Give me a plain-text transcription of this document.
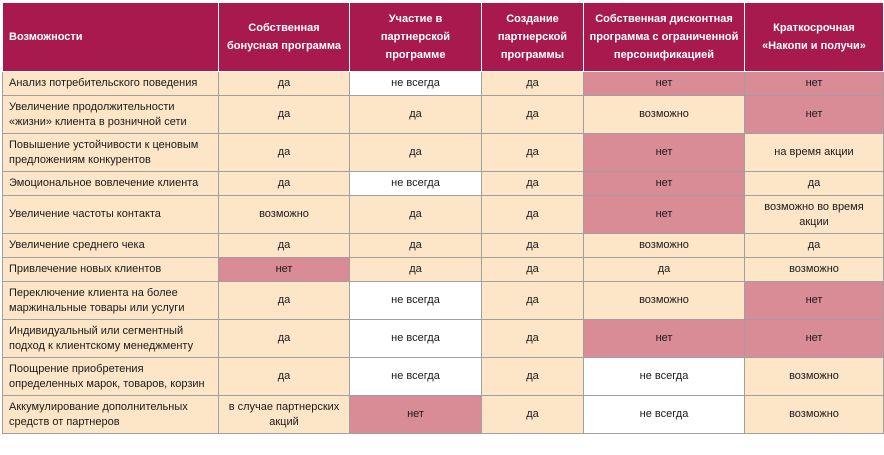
Возможности	Собственная бонусная программа	Участие в партнерской программе	Создание партнерской программы	Собственная дисконтная программа с ограниченной персонификацией	Краткосрочная «Накопи и получи»
Анализ потребительского поведения	да	не всегда	да	нет	нет
Увеличение продолжительности «жизни» клиента в розничной сети	да	да	да	возможно	нет
Повышение устойчивости к ценовым предложениям конкурентов	да	да	да	нет	на время акции
Эмоциональное вовлечение клиента	да	не всегда	да	нет	да
Увеличение частоты контакта	возможно	да	да	нет	возможно во время акции
Увеличение среднего чека	да	да	да	возможно	да
Привлечение новых клиентов	нет	да	да	да	возможно
Переключение клиента на более маржинальные товары или услуги	да	не всегда	да	возможно	нет
Индивидуальный или сегментный подход к клиентскому менеджменту	да	не всегда	да	нет	нет
Поощрение приобретения определенных марок, товаров, корзин	да	не всегда	да	не всегда	возможно
Аккумулирование дополнительных средств от партнеров	в случае партнерских акций	нет	да	не всегда	возможно
